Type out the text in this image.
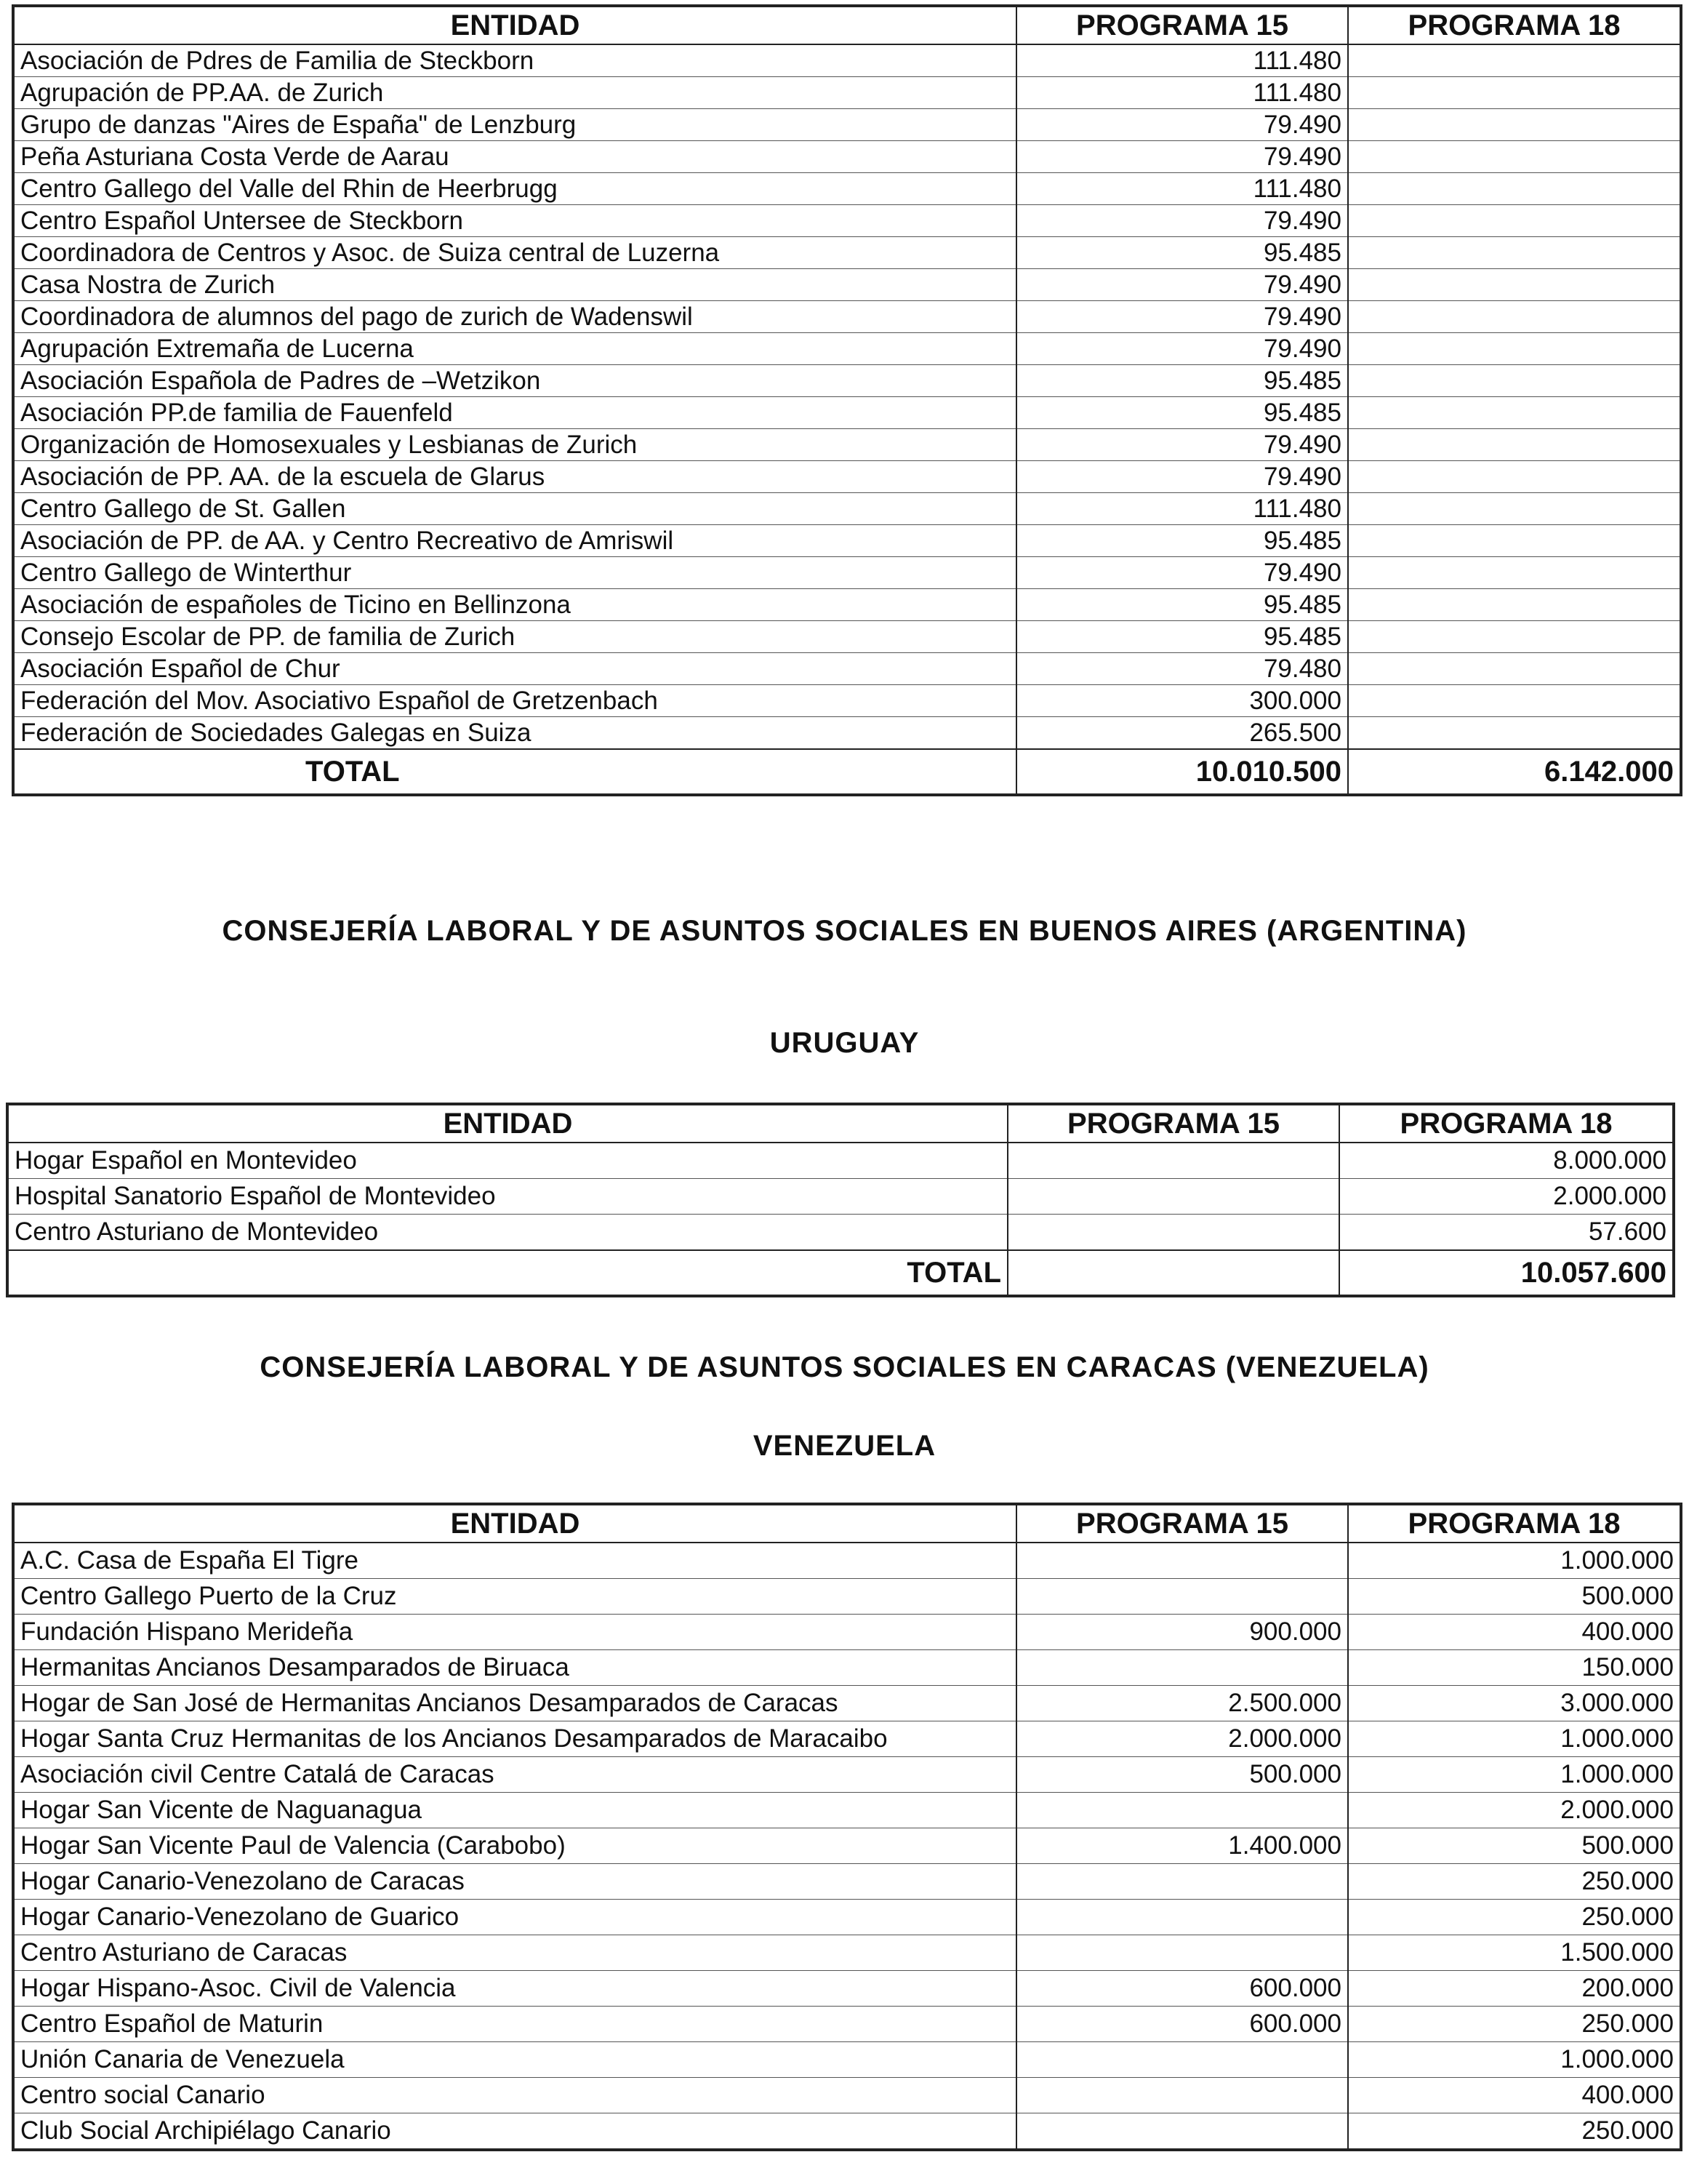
ENTIDAD	PROGRAMA 15	PROGRAMA 18
Asociación de Pdres de Familia de Steckborn	111.480	
Agrupación de PP.AA. de Zurich	111.480	
Grupo de danzas "Aires de España" de Lenzburg	79.490	
Peña Asturiana Costa Verde de Aarau	79.490	
Centro Gallego del Valle del Rhin de Heerbrugg	111.480	
Centro Español Untersee de Steckborn	79.490	
Coordinadora de Centros y Asoc. de Suiza central de Luzerna	95.485	
Casa Nostra de Zurich	79.490	
Coordinadora de alumnos del pago de zurich de Wadenswil	79.490	
Agrupación Extremaña de Lucerna	79.490	
Asociación Española de Padres de –Wetzikon	95.485	
Asociación PP.de familia de Fauenfeld	95.485	
Organización de Homosexuales y Lesbianas de Zurich	79.490	
Asociación de PP. AA. de la escuela de Glarus	79.490	
Centro Gallego de St. Gallen	111.480	
Asociación de PP. de AA. y Centro Recreativo de Amriswil	95.485	
Centro Gallego de Winterthur	79.490	
Asociación de españoles de Ticino en Bellinzona	95.485	
Consejo Escolar de PP. de familia de Zurich	95.485	
Asociación Español de Chur	79.480	
Federación del Mov. Asociativo Español de Gretzenbach	300.000	
Federación de Sociedades Galegas en Suiza	265.500	
TOTAL	10.010.500	6.142.000
CONSEJERÍA LABORAL Y DE ASUNTOS SOCIALES EN BUENOS AIRES (ARGENTINA)
URUGUAY
ENTIDAD	PROGRAMA 15	PROGRAMA 18
Hogar Español en Montevideo		8.000.000
Hospital Sanatorio Español de Montevideo		2.000.000
Centro Asturiano de Montevideo		57.600
TOTAL		10.057.600
CONSEJERÍA LABORAL Y DE ASUNTOS SOCIALES EN CARACAS (VENEZUELA)
VENEZUELA
ENTIDAD	PROGRAMA 15	PROGRAMA 18
A.C. Casa de España El Tigre		1.000.000
Centro Gallego Puerto de la Cruz		500.000
Fundación Hispano Merideña	900.000	400.000
Hermanitas Ancianos Desamparados de Biruaca		150.000
Hogar de San José de Hermanitas Ancianos Desamparados de Caracas	2.500.000	3.000.000
Hogar Santa Cruz Hermanitas de los Ancianos Desamparados de Maracaibo	2.000.000	1.000.000
Asociación civil Centre Catalá de Caracas	500.000	1.000.000
Hogar San Vicente de Naguanagua		2.000.000
Hogar San Vicente Paul de Valencia (Carabobo)	1.400.000	500.000
Hogar Canario-Venezolano de Caracas		250.000
Hogar Canario-Venezolano de Guarico		250.000
Centro Asturiano de Caracas		1.500.000
Hogar Hispano-Asoc. Civil de Valencia	600.000	200.000
Centro Español de Maturin	600.000	250.000
Unión Canaria de Venezuela		1.000.000
Centro social Canario		400.000
Club Social Archipiélago Canario		250.000
